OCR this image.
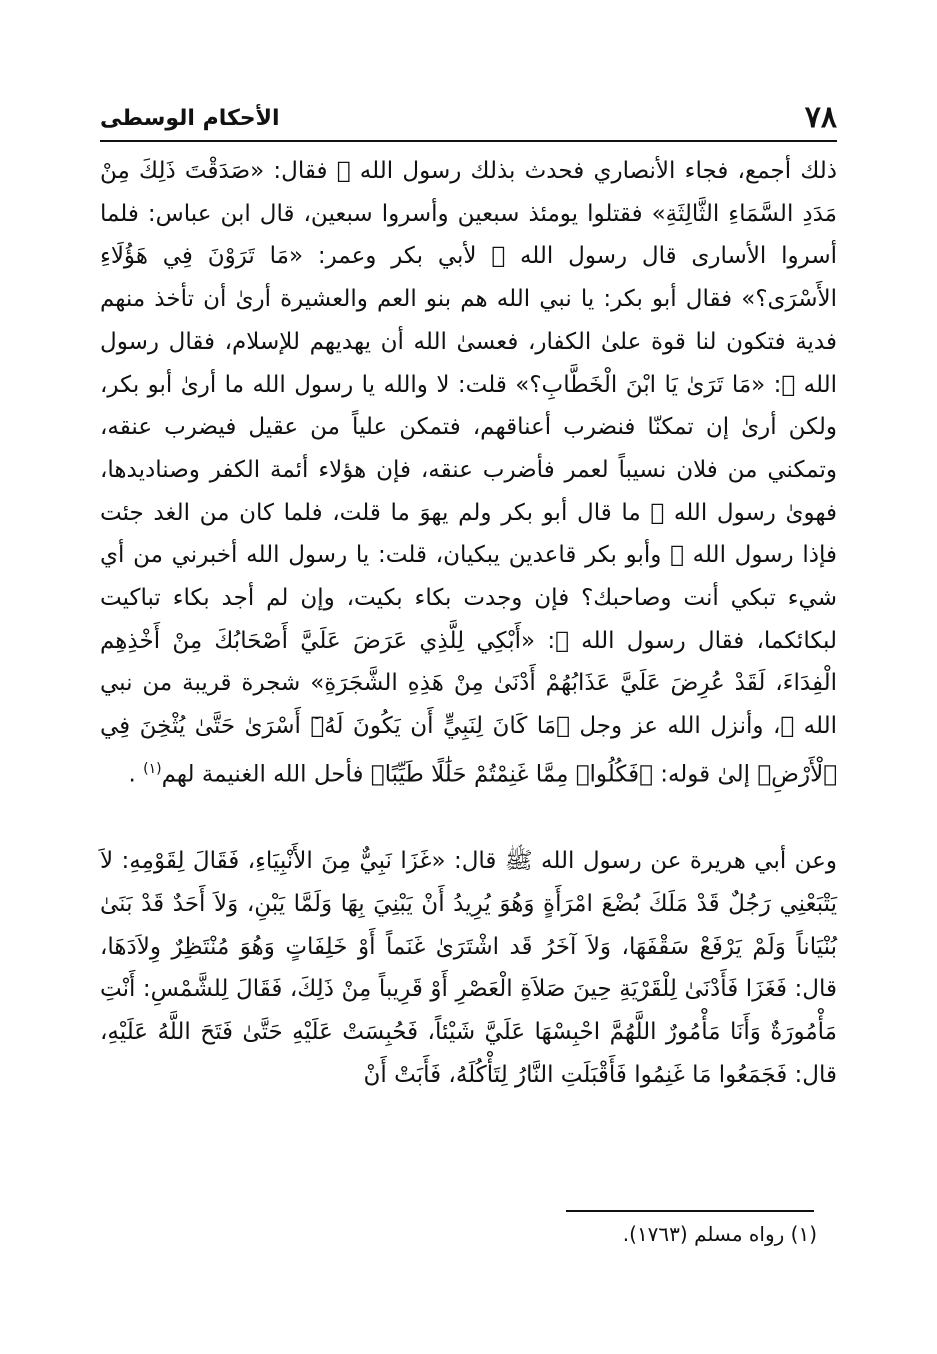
٧٨
الأحكام الوسطى

ذلك أجمع، فجاء الأنصاري فحدث بذلك رسول الله ﷺ فقال: «صَدَقْتَ ذَلِكَ مِنْ مَدَدِ السَّمَاءِ الثَّالِثَةِ» فقتلوا يومئذ سبعين وأسروا سبعين، قال ابن عباس: فلما أسروا الأسارى قال رسول الله ﷺ لأبي بكر وعمر: «مَا تَرَوْنَ فِي هَؤُلَاءِ الأَسْرَى؟» فقال أبو بكر: يا نبي الله هم بنو العم والعشيرة أرىٰ أن تأخذ منهم فدية فتكون لنا قوة علىٰ الكفار، فعسىٰ الله أن يهديهم للإسلام، فقال رسول الله ﷺ: «مَا تَرَىٰ يَا ابْنَ الْخَطَّابِ؟» قلت: لا والله يا رسول الله ما أرىٰ أبو بكر، ولكن أرىٰ إن تمكنّا فنضرب أعناقهم، فتمكن علياً من عقيل فيضرب عنقه، وتمكني من فلان نسيباً لعمر فأضرب عنقه، فإن هؤلاء أئمة الكفر وصناديدها، فهوىٰ رسول الله ﷺ ما قال أبو بكر ولم يهوَ ما قلت، فلما كان من الغد جئت فإذا رسول الله ﷺ وأبو بكر قاعدين يبكيان، قلت: يا رسول الله أخبرني من أي شيء تبكي أنت وصاحبك؟ فإن وجدت بكاء بكيت، وإن لم أجد بكاء تباكيت لبكائكما، فقال رسول الله ﷺ: «أَبْكِي لِلَّذِي عَرَضَ عَلَيَّ أَصْحَابُكَ مِنْ أَخْذِهِم الْفِدَاءَ، لَقَدْ عُرِضَ عَلَيَّ عَذَابُهُمْ أَدْنَىٰ مِنْ هَذِهِ الشَّجَرَةِ» شجرة قريبة من نبي الله ﷺ، وأنزل الله عز وجل ﴿مَا كَانَ لِنَبِيٍّ أَن يَكُونَ لَهُۥٓ أَسْرَىٰ حَتَّىٰ يُثْخِنَ فِي ٱلْأَرْضِ﴾ إلىٰ قوله: ﴿فَكُلُوا۟ مِمَّا غَنِمْتُمْ حَلَٰلًا طَيِّبًا﴾ فأحل الله الغنيمة لهم$^{(١)}$ .

وعن أبي هريرة عن رسول الله ﷺ قال: «غَزَا نَبِيٌّ مِنَ الأَنْبِيَاءِ، فَقَالَ لِقَوْمِهِ: لاَ يَتْبَعْنِي رَجُلٌ قَدْ مَلَكَ بُضْعَ امْرَأَةٍ وَهُوَ يُرِيدُ أَنْ يَبْنِيَ بِهَا وَلَمَّا يَبْنِ، وَلاَ أَحَدٌ قَدْ بَنَىٰ بُنْيَاناً وَلَمْ يَرْفَعْ سَقْفَهَا، وَلاَ آخَرُ قَد اشْتَرَىٰ غَنَماً أَوْ خَلِفَاتٍ وَهُوَ مُنْتَظِرٌ وِلاَدَهَا، قال: فَغَزَا فَأَدْنَىٰ لِلْقَرْيَةِ حِينَ صَلاَةِ الْعَصْرِ أَوْ قَرِيباً مِنْ ذَلِكَ، فَقَالَ لِلشَّمْسِ: أَنْتِ مَأْمُورَةٌ وَأَنَا مَأْمُورٌ اللَّهُمَّ احْبِسْهَا عَلَيَّ شَيْئاً، فَحُبِسَتْ عَلَيْهِ حَتَّىٰ فَتَحَ اللَّهُ عَلَيْهِ، قال: فَجَمَعُوا مَا غَنِمُوا فَأَقْبَلَتِ النَّارُ لِتَأْكُلَهُ، فَأَبَتْ أَنْ

(١) رواه مسلم (١٧٦٣).
